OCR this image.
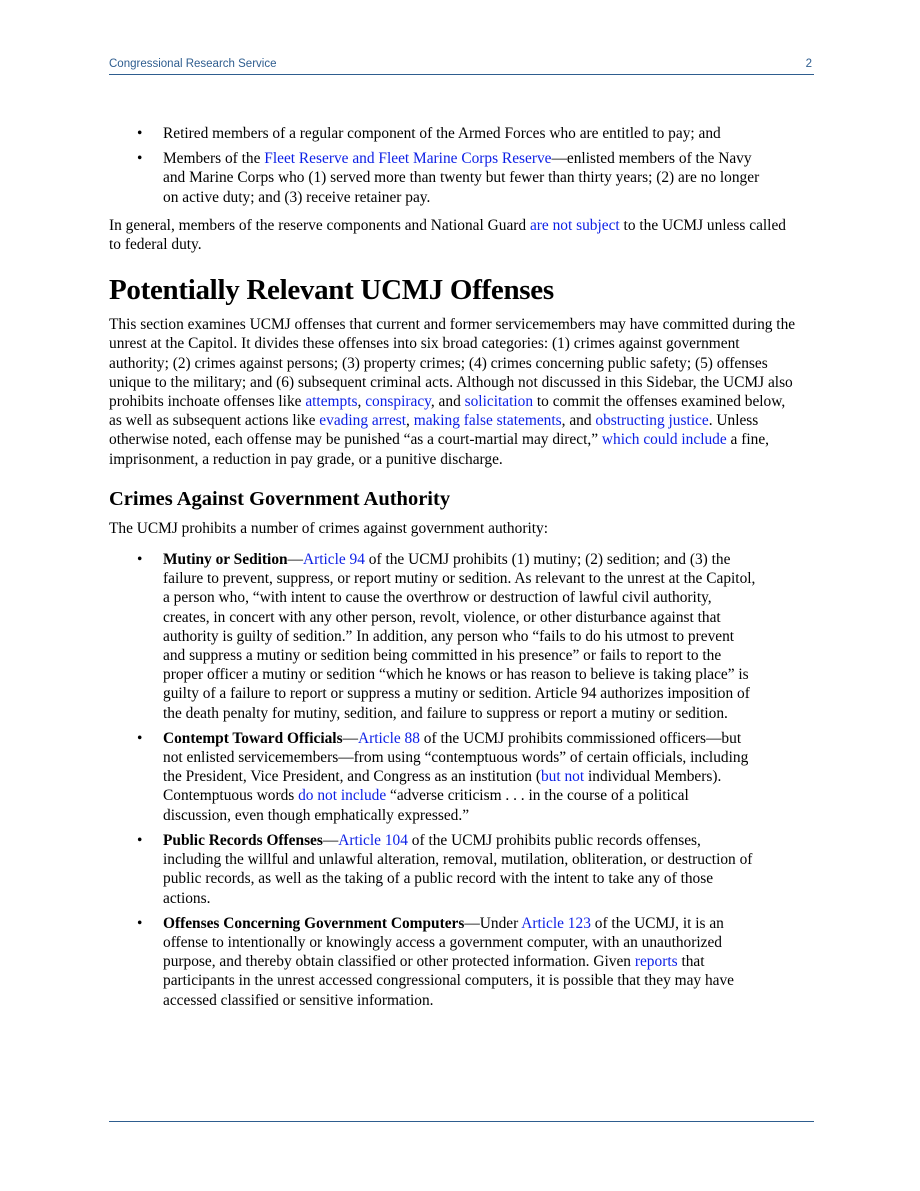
Congressional Research Service	2
• Retired members of a regular component of the Armed Forces who are entitled to pay; and
• Members of the Fleet Reserve and Fleet Marine Corps Reserve—enlisted members of the Navy and Marine Corps who (1) served more than twenty but fewer than thirty years; (2) are no longer on active duty; and (3) receive retainer pay.

In general, members of the reserve components and National Guard are not subject to the UCMJ unless called to federal duty.

Potentially Relevant UCMJ Offenses

This section examines UCMJ offenses that current and former servicemembers may have committed during the unrest at the Capitol. It divides these offenses into six broad categories: (1) crimes against government authority; (2) crimes against persons; (3) property crimes; (4) crimes concerning public safety; (5) offenses unique to the military; and (6) subsequent criminal acts. Although not discussed in this Sidebar, the UCMJ also prohibits inchoate offenses like attempts, conspiracy, and solicitation to commit the offenses examined below, as well as subsequent actions like evading arrest, making false statements, and obstructing justice. Unless otherwise noted, each offense may be punished “as a court-martial may direct,” which could include a fine, imprisonment, a reduction in pay grade, or a punitive discharge.

Crimes Against Government Authority

The UCMJ prohibits a number of crimes against government authority:

• Mutiny or Sedition—Article 94 of the UCMJ prohibits (1) mutiny; (2) sedition; and (3) the failure to prevent, suppress, or report mutiny or sedition. As relevant to the unrest at the Capitol, a person who, “with intent to cause the overthrow or destruction of lawful civil authority, creates, in concert with any other person, revolt, violence, or other disturbance against that authority is guilty of sedition.” In addition, any person who “fails to do his utmost to prevent and suppress a mutiny or sedition being committed in his presence” or fails to report to the proper officer a mutiny or sedition “which he knows or has reason to believe is taking place” is guilty of a failure to report or suppress a mutiny or sedition. Article 94 authorizes imposition of the death penalty for mutiny, sedition, and failure to suppress or report a mutiny or sedition.
• Contempt Toward Officials—Article 88 of the UCMJ prohibits commissioned officers—but not enlisted servicemembers—from using “contemptuous words” of certain officials, including the President, Vice President, and Congress as an institution (but not individual Members). Contemptuous words do not include “adverse criticism . . . in the course of a political discussion, even though emphatically expressed.”
• Public Records Offenses—Article 104 of the UCMJ prohibits public records offenses, including the willful and unlawful alteration, removal, mutilation, obliteration, or destruction of public records, as well as the taking of a public record with the intent to take any of those actions.
• Offenses Concerning Government Computers—Under Article 123 of the UCMJ, it is an offense to intentionally or knowingly access a government computer, with an unauthorized purpose, and thereby obtain classified or other protected information. Given reports that participants in the unrest accessed congressional computers, it is possible that they may have accessed classified or sensitive information.
